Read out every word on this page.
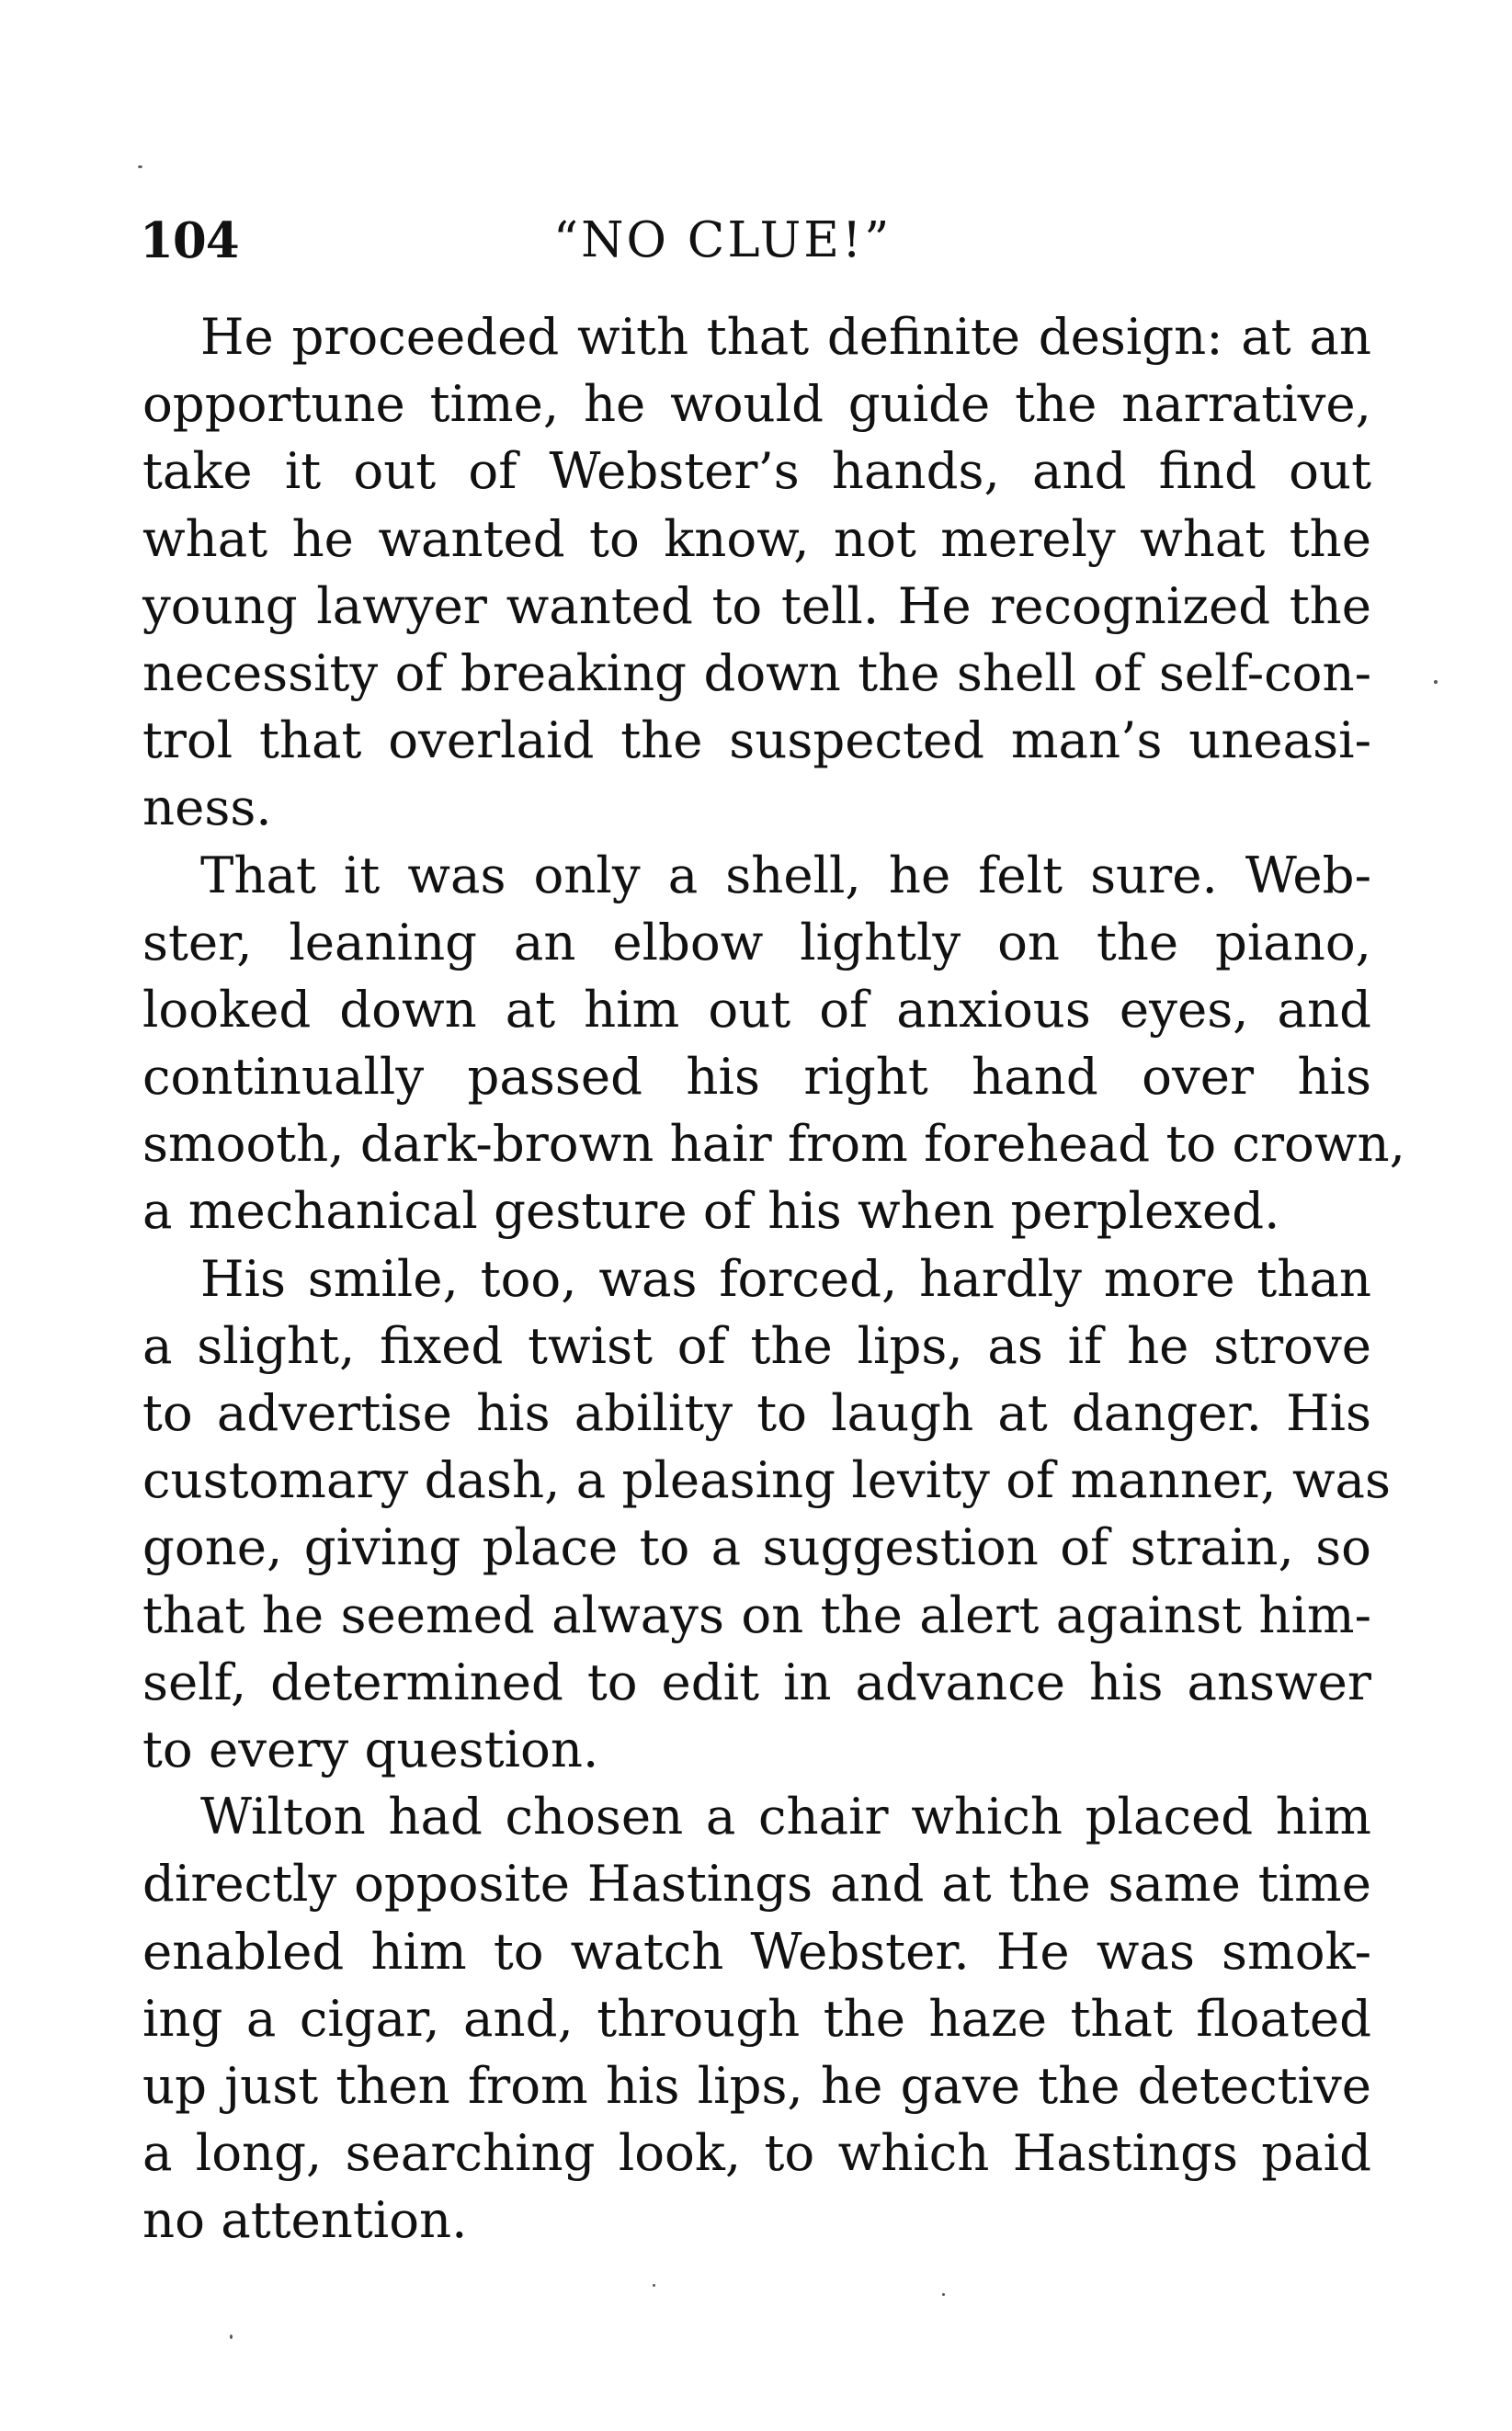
104	“NO CLUE!”

He proceeded with that definite design: at an
opportune time, he would guide the narrative,
take it out of Webster’s hands, and find out
what he wanted to know, not merely what the
young lawyer wanted to tell. He recognized the
necessity of breaking down the shell of self-con-
trol that overlaid the suspected man’s uneasi-
ness.

That it was only a shell, he felt sure. Web-
ster, leaning an elbow lightly on the piano,
looked down at him out of anxious eyes, and
continually passed his right hand over his
smooth, dark-brown hair from forehead to crown,
a mechanical gesture of his when perplexed.

His smile, too, was forced, hardly more than
a slight, fixed twist of the lips, as if he strove
to advertise his ability to laugh at danger. His
customary dash, a pleasing levity of manner, was
gone, giving place to a suggestion of strain, so
that he seemed always on the alert against him-
self, determined to edit in advance his answer
to every question.

Wilton had chosen a chair which placed him
directly opposite Hastings and at the same time
enabled him to watch Webster. He was smok-
ing a cigar, and, through the haze that floated
up just then from his lips, he gave the detective
a long, searching look, to which Hastings paid
no attention.
